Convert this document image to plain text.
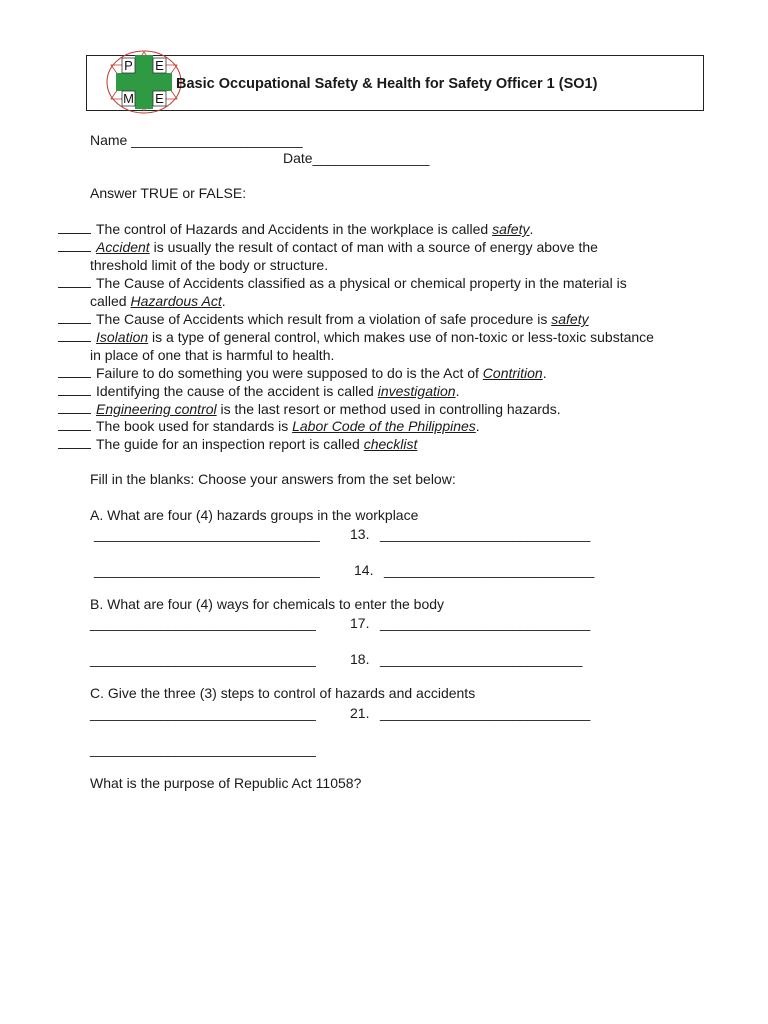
P E
M E
Basic Occupational Safety & Health for Safety Officer 1 (SO1)
Name ______________________
Date_______________
Answer TRUE or FALSE:
The control of Hazards and Accidents in the workplace is called safety.
Accident is usually the result of contact of man with a source of energy above the
threshold limit of the body or structure.
The Cause of Accidents classified as a physical or chemical property in the material is
called Hazardous Act.
The Cause of Accidents which result from a violation of safe procedure is safety
Isolation is a type of general control, which makes use of non-toxic or less-toxic substance
in place of one that is harmful to health.
Failure to do something you were supposed to do is the Act of Contrition.
Identifying the cause of the accident is called investigation.
Engineering control is the last resort or method used in controlling hazards.
The book used for standards is Labor Code of the Philippines.
The guide for an inspection report is called checklist
Fill in the blanks: Choose your answers from the set below:
A. What are four (4) hazards groups in the workplace
_____________________________ 13. ___________________________
_____________________________ 14. ___________________________
B. What are four (4) ways for chemicals to enter the body
_____________________________ 17. ___________________________
_____________________________ 18. __________________________
C. Give the three (3) steps to control of hazards and accidents
_____________________________ 21. ___________________________
_____________________________
What is the purpose of Republic Act 11058?
